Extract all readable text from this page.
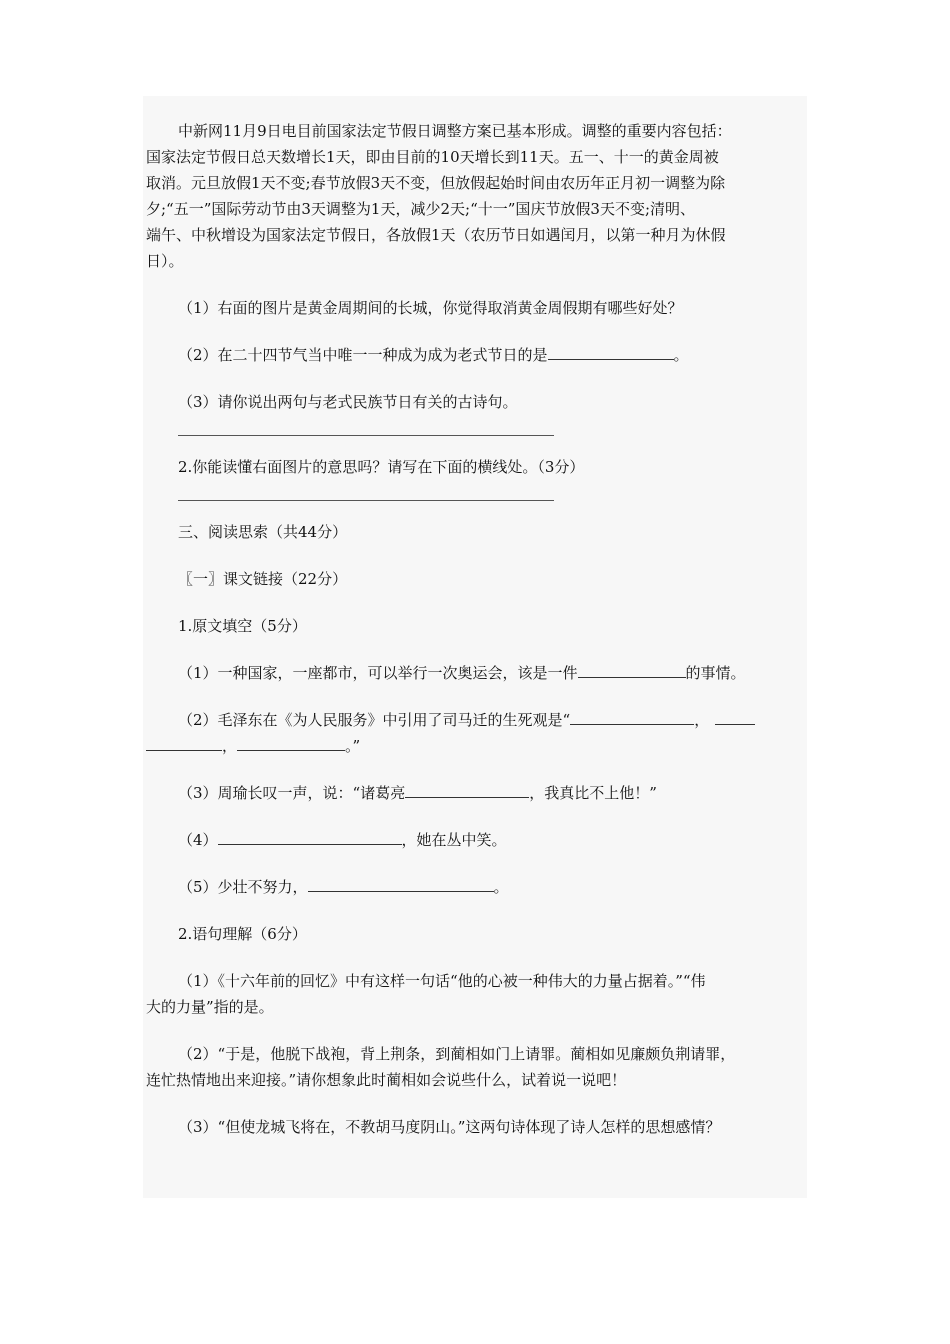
中新网11月9日电目前国家法定节假日调整方案已基本形成。调整的重要内容包括：

国家法定节假日总天数增长1天，即由目前的10天增长到11天。五一、十一的黄金周被

取消。元旦放假1天不变;春节放假3天不变，但放假起始时间由农历年正月初一调整为除

夕;“五一”国际劳动节由3天调整为1天，减少2天;“十一”国庆节放假3天不变;清明、

端午、中秋增设为国家法定节假日，各放假1天（农历节日如遇闰月，以第一种月为休假

日）。

（1）右面的图片是黄金周期间的长城，你觉得取消黄金周假期有哪些好处？

（2）在二十四节气当中唯一一种成为成为老式节日的是	。

（3）请你说出两句与老式民族节日有关的古诗句。

2.你能读懂右面图片的意思吗？请写在下面的横线处。（3分）

三、阅读思索（共44分）

〖一〗课文链接（22分）

1.原文填空（5分）

（1）一种国家，一座都市，可以举行一次奥运会，该是一件	的事情。

（2）毛泽东在《为人民服务》中引用了司马迁的生死观是“	，

，	。”

（3）周瑜长叹一声，说：“诸葛亮	，我真比不上他！”

（4）	，她在丛中笑。

（5）少壮不努力，	。

2.语句理解（6分）

（1）《十六年前的回忆》中有这样一句话“他的心被一种伟大的力量占据着。”“伟

大的力量”指的是。

（2）“于是，他脱下战袍，背上荆条，到蔺相如门上请罪。蔺相如见廉颇负荆请罪，

连忙热情地出来迎接。”请你想象此时蔺相如会说些什么，试着说一说吧！

（3）“但使龙城飞将在，不教胡马度阴山。”这两句诗体现了诗人怎样的思想感情？
